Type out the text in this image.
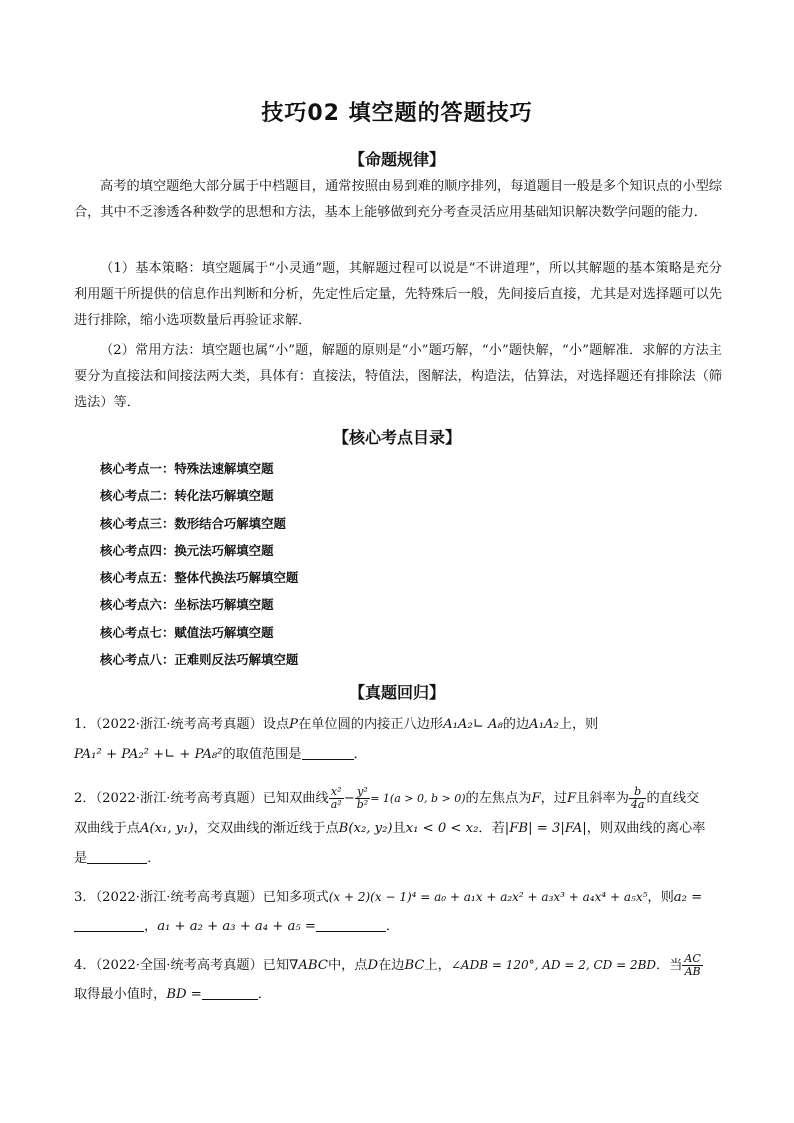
技巧02 填空题的答题技巧
【命题规律】
高考的填空题绝大部分属于中档题目，通常按照由易到难的顺序排列，每道题目一般是多个知识点的小型综合，其中不乏渗透各种数学的思想和方法，基本上能够做到充分考查灵活应用基础知识解决数学问题的能力．
（1）基本策略：填空题属于“小灵通”题，其解题过程可以说是“不讲道理”，所以其解题的基本策略是充分利用题干所提供的信息作出判断和分析，先定性后定量，先特殊后一般，先间接后直接，尤其是对选择题可以先进行排除，缩小选项数量后再验证求解．
（2）常用方法：填空题也属“小”题，解题的原则是“小”题巧解，“小”题快解，“小”题解准．求解的方法主要分为直接法和间接法两大类，具体有：直接法，特值法，图解法，构造法，估算法，对选择题还有排除法（筛选法）等．
【核心考点目录】
核心考点一：特殊法速解填空题
核心考点二：转化法巧解填空题
核心考点三：数形结合巧解填空题
核心考点四：换元法巧解填空题
核心考点五：整体代换法巧解填空题
核心考点六：坐标法巧解填空题
核心考点七：赋值法巧解填空题
核心考点八：正难则反法巧解填空题
【真题回归】
1．（2022·浙江·统考高考真题）设点P在单位圆的内接正八边形A₁A₂∟ A₈的边A₁A₂上，则
PA₁² + PA₂² +∟ + PA₈²的取值范围是	．
2．（2022·浙江·统考高考真题）已知双曲线 $\frac{\text{x²}}{\text{a²}} - \frac{\text{y²}}{\text{b²}} = 1(a > 0$, b > 0)的左焦点为F，过F且斜率为 $\frac{b}{4a}$ 的直线交
双曲线于点A(x₁, y₁)，交双曲线的渐近线于点B(x₂, y₂)且x₁ < 0 < x₂．若|FB| = 3|FA|，则双曲线的离心率
是	．
3．（2022·浙江·统考高考真题）已知多项式(x + 2)(x − 1)⁴ = a₀ + a₁x + a₂x² + a₃x³ + a₄x⁴ + a₅x⁵，则a₂ =
，a₁ + a₂ + a₃ + a₄ + a₅ =	．
4．（2022·全国·统考高考真题）已知∇ABC中，点D在边BC上，∠ADB = 120°, AD = 2, CD = 2BD．当 $\frac{AC}{AB}$
取得最小值时，BD =	．
